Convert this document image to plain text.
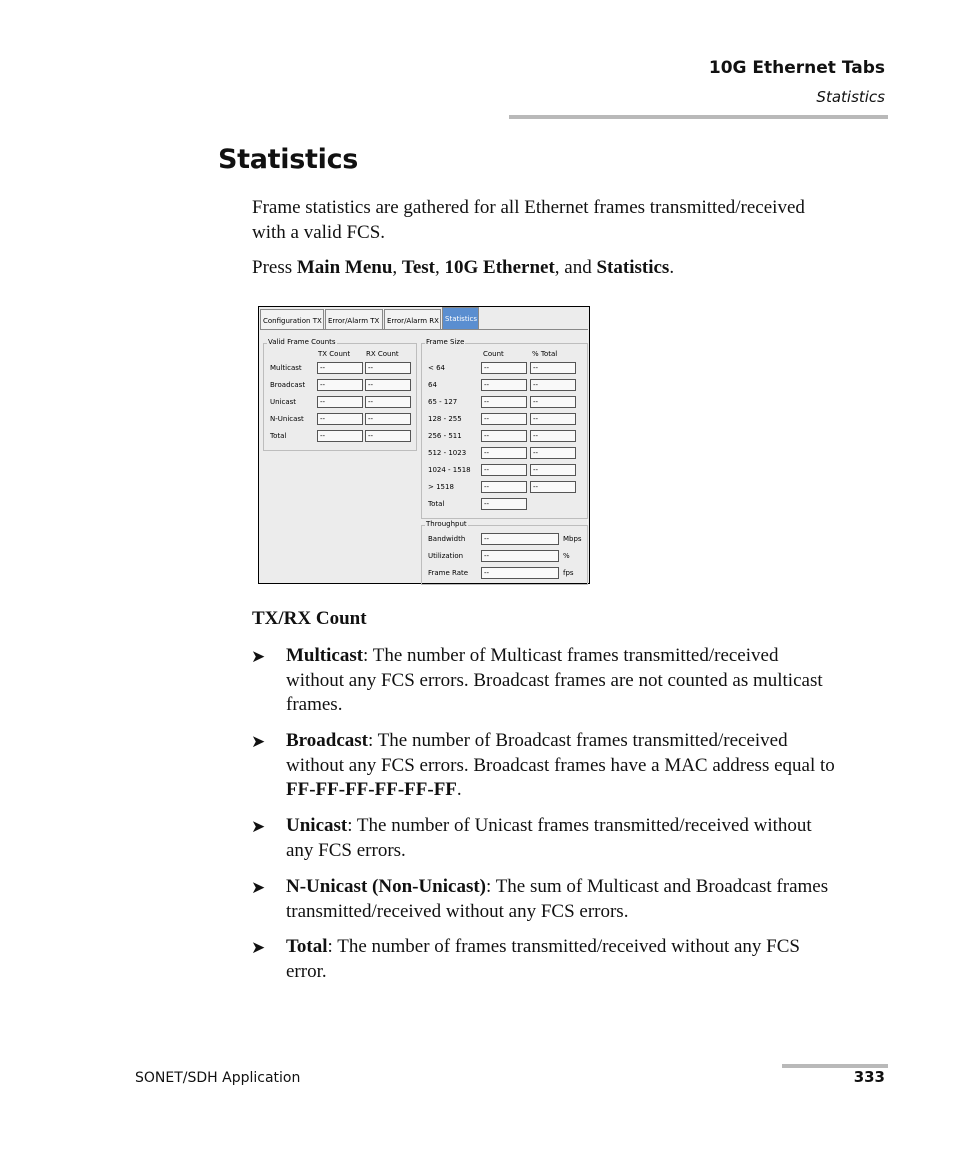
10G Ethernet Tabs
Statistics
Statistics
Frame statistics are gathered for all Ethernet frames transmitted/received
with a valid FCS.
Press Main Menu, Test, 10G Ethernet, and Statistics.
Configuration TX Error/Alarm TX	Error/Alarm RX Statistics
Valid Frame Counts
TX Count RX Count
Multicast	--	--
Broadcast	--	--
Unicast	--	--
N-Unicast	--	--
Total	--	--
Frame Size
Count	% Total
< 64	--	--
64	--	--
65 - 127	--	--
128 - 255	--	--
256 - 511	--	--
512 - 1023	--	--
1024 - 1518	--	--
> 1518	--	--
Total	--
Throughput
Bandwidth	--	Mbps
Utilization	--	%
Frame Rate	--	fps
TX/RX Count
➤ Multicast: The number of Multicast frames transmitted/received
without any FCS errors. Broadcast frames are not counted as multicast
frames.
➤ Broadcast: The number of Broadcast frames transmitted/received
without any FCS errors. Broadcast frames have a MAC address equal to
FF-FF-FF-FF-FF-FF.
➤ Unicast: The number of Unicast frames transmitted/received without
any FCS errors.
➤ N-Unicast (Non-Unicast): The sum of Multicast and Broadcast frames
transmitted/received without any FCS errors.
➤ Total: The number of frames transmitted/received without any FCS
error.
SONET/SDH Application	333
